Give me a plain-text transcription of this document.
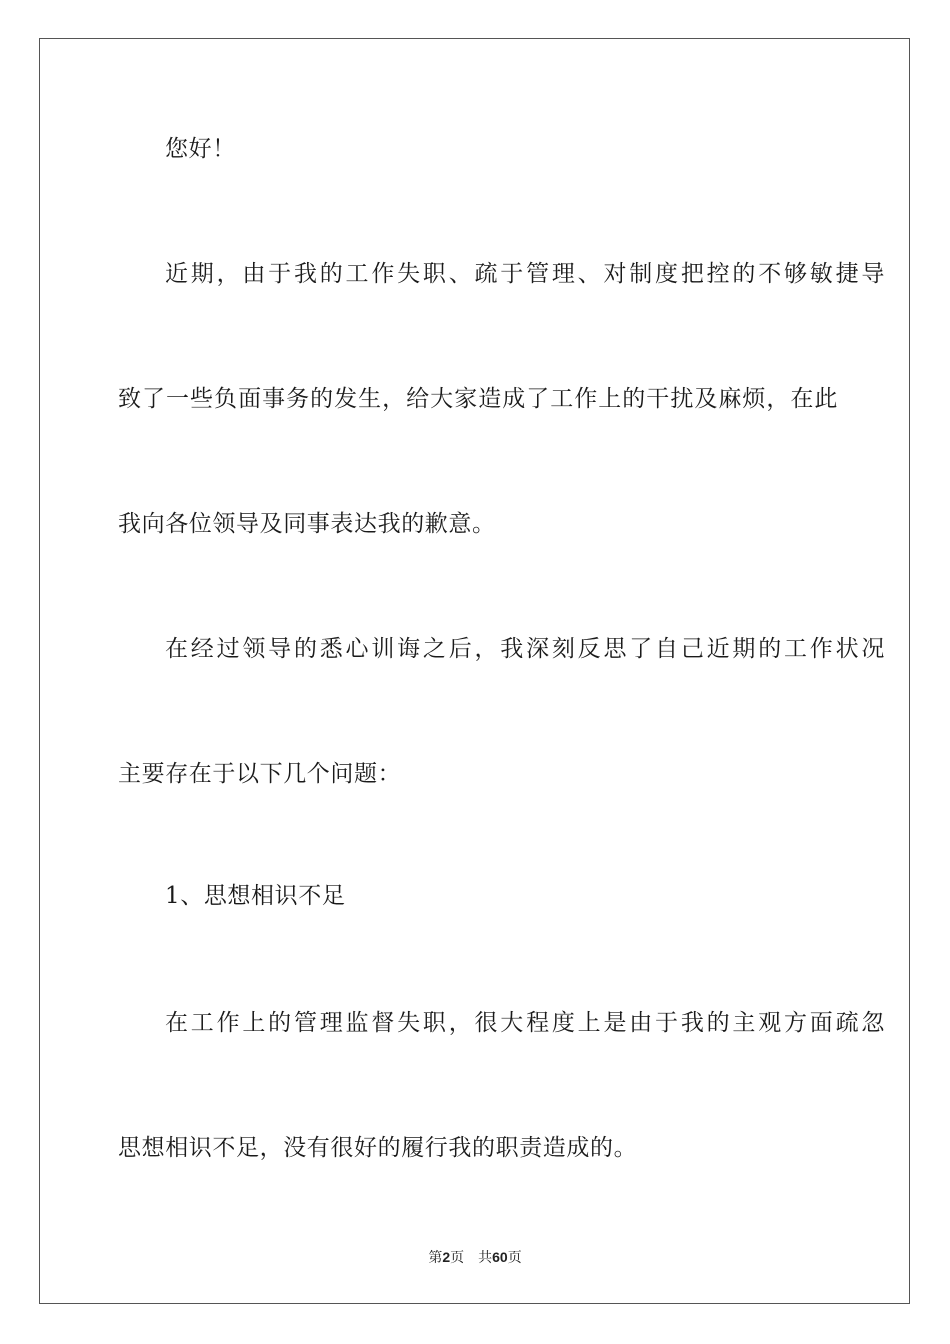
您好！
近期，由于我的工作失职、疏于管理、对制度把控的不够敏捷导
致了一些负面事务的发生，给大家造成了工作上的干扰及麻烦，在此
我向各位领导及同事表达我的歉意。
在经过领导的悉心训诲之后，我深刻反思了自己近期的工作状况
主要存在于以下几个问题：
1、思想相识不足
在工作上的管理监督失职，很大程度上是由于我的主观方面疏忽
思想相识不足，没有很好的履行我的职责造成的。
第2页 共60页
